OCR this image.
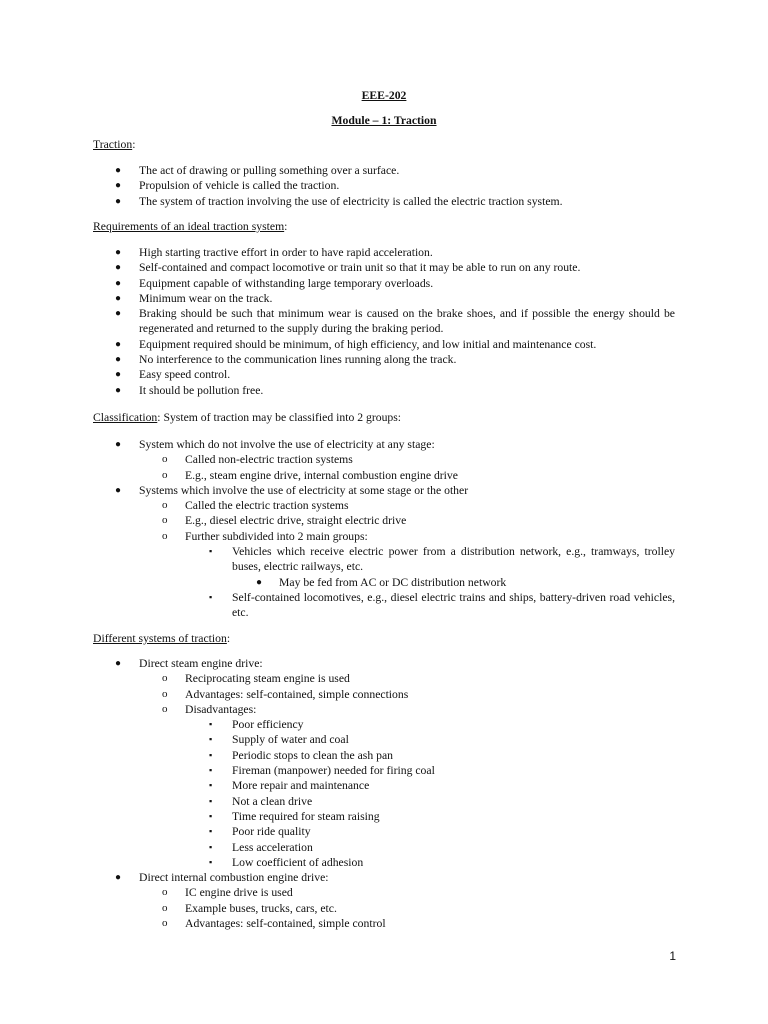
EEE-202
Module – 1: Traction
Traction:
● The act of drawing or pulling something over a surface.
● Propulsion of vehicle is called the traction.
● The system of traction involving the use of electricity is called the electric traction system.
Requirements of an ideal traction system:
● High starting tractive effort in order to have rapid acceleration.
● Self-contained and compact locomotive or train unit so that it may be able to run on any route.
● Equipment capable of withstanding large temporary overloads.
● Minimum wear on the track.
● Braking should be such that minimum wear is caused on the brake shoes, and if possible the energy should be regenerated and returned to the supply during the braking period.
● Equipment required should be minimum, of high efficiency, and low initial and maintenance cost.
● No interference to the communication lines running along the track.
● Easy speed control.
● It should be pollution free.
Classification: System of traction may be classified into 2 groups:
● System which do not involve the use of electricity at any stage:
o Called non-electric traction systems
o E.g., steam engine drive, internal combustion engine drive
● Systems which involve the use of electricity at some stage or the other
o Called the electric traction systems
o E.g., diesel electric drive, straight electric drive
o Further subdivided into 2 main groups:
▪ Vehicles which receive electric power from a distribution network, e.g., tramways, trolley buses, electric railways, etc.
● May be fed from AC or DC distribution network
▪ Self-contained locomotives, e.g., diesel electric trains and ships, battery-driven road vehicles, etc.
Different systems of traction:
● Direct steam engine drive:
o Reciprocating steam engine is used
o Advantages: self-contained, simple connections
o Disadvantages:
▪ Poor efficiency
▪ Supply of water and coal
▪ Periodic stops to clean the ash pan
▪ Fireman (manpower) needed for firing coal
▪ More repair and maintenance
▪ Not a clean drive
▪ Time required for steam raising
▪ Poor ride quality
▪ Less acceleration
▪ Low coefficient of adhesion
● Direct internal combustion engine drive:
o IC engine drive is used
o Example buses, trucks, cars, etc.
o Advantages: self-contained, simple control
1
